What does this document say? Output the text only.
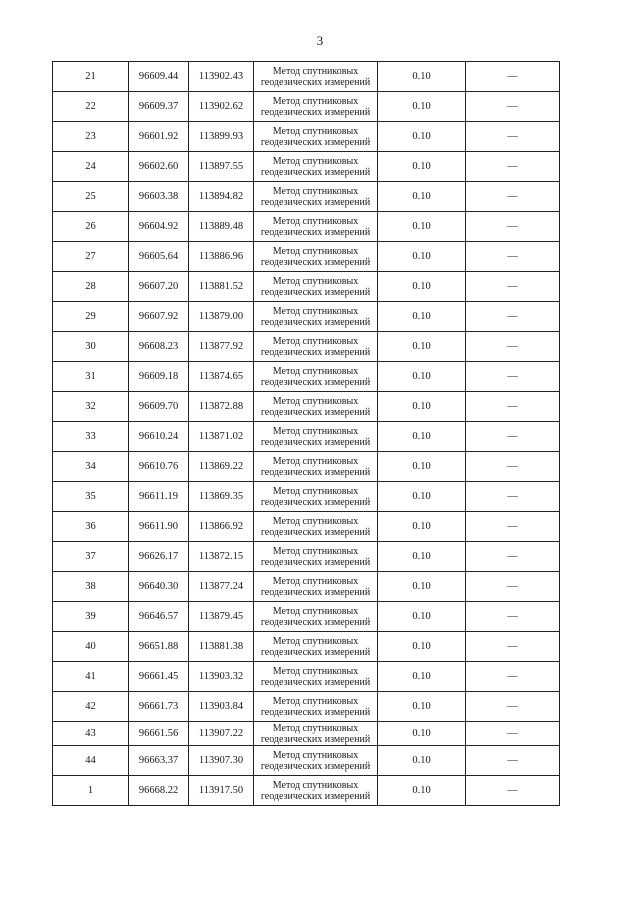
3
21	96609.44	113902.43	Метод спутниковых
геодезических измерений	0.10	—
22	96609.37	113902.62	Метод спутниковых
геодезических измерений	0.10	—
23	96601.92	113899.93	Метод спутниковых
геодезических измерений	0.10	—
24	96602.60	113897.55	Метод спутниковых
геодезических измерений	0.10	—
25	96603.38	113894.82	Метод спутниковых
геодезических измерений	0.10	—
26	96604.92	113889.48	Метод спутниковых
геодезических измерений	0.10	—
27	96605.64	113886.96	Метод спутниковых
геодезических измерений	0.10	—
28	96607.20	113881.52	Метод спутниковых
геодезических измерений	0.10	—
29	96607.92	113879.00	Метод спутниковых
геодезических измерений	0.10	—
30	96608.23	113877.92	Метод спутниковых
геодезических измерений	0.10	—
31	96609.18	113874.65	Метод спутниковых
геодезических измерений	0.10	—
32	96609.70	113872.88	Метод спутниковых
геодезических измерений	0.10	—
33	96610.24	113871.02	Метод спутниковых
геодезических измерений	0.10	—
34	96610.76	113869.22	Метод спутниковых
геодезических измерений	0.10	—
35	96611.19	113869.35	Метод спутниковых
геодезических измерений	0.10	—
36	96611.90	113866.92	Метод спутниковых
геодезических измерений	0.10	—
37	96626.17	113872.15	Метод спутниковых
геодезических измерений	0.10	—
38	96640.30	113877.24	Метод спутниковых
геодезических измерений	0.10	—
39	96646.57	113879.45	Метод спутниковых
геодезических измерений	0.10	—
40	96651.88	113881.38	Метод спутниковых
геодезических измерений	0.10	—
41	96661.45	113903.32	Метод спутниковых
геодезических измерений	0.10	—
42	96661.73	113903.84	Метод спутниковых
геодезических измерений	0.10	—
43	96661.56	113907.22	Метод спутниковых
геодезических измерений	0.10	—
44	96663.37	113907.30	Метод спутниковых
геодезических измерений	0.10	—
1	96668.22	113917.50	Метод спутниковых
геодезических измерений	0.10	—
